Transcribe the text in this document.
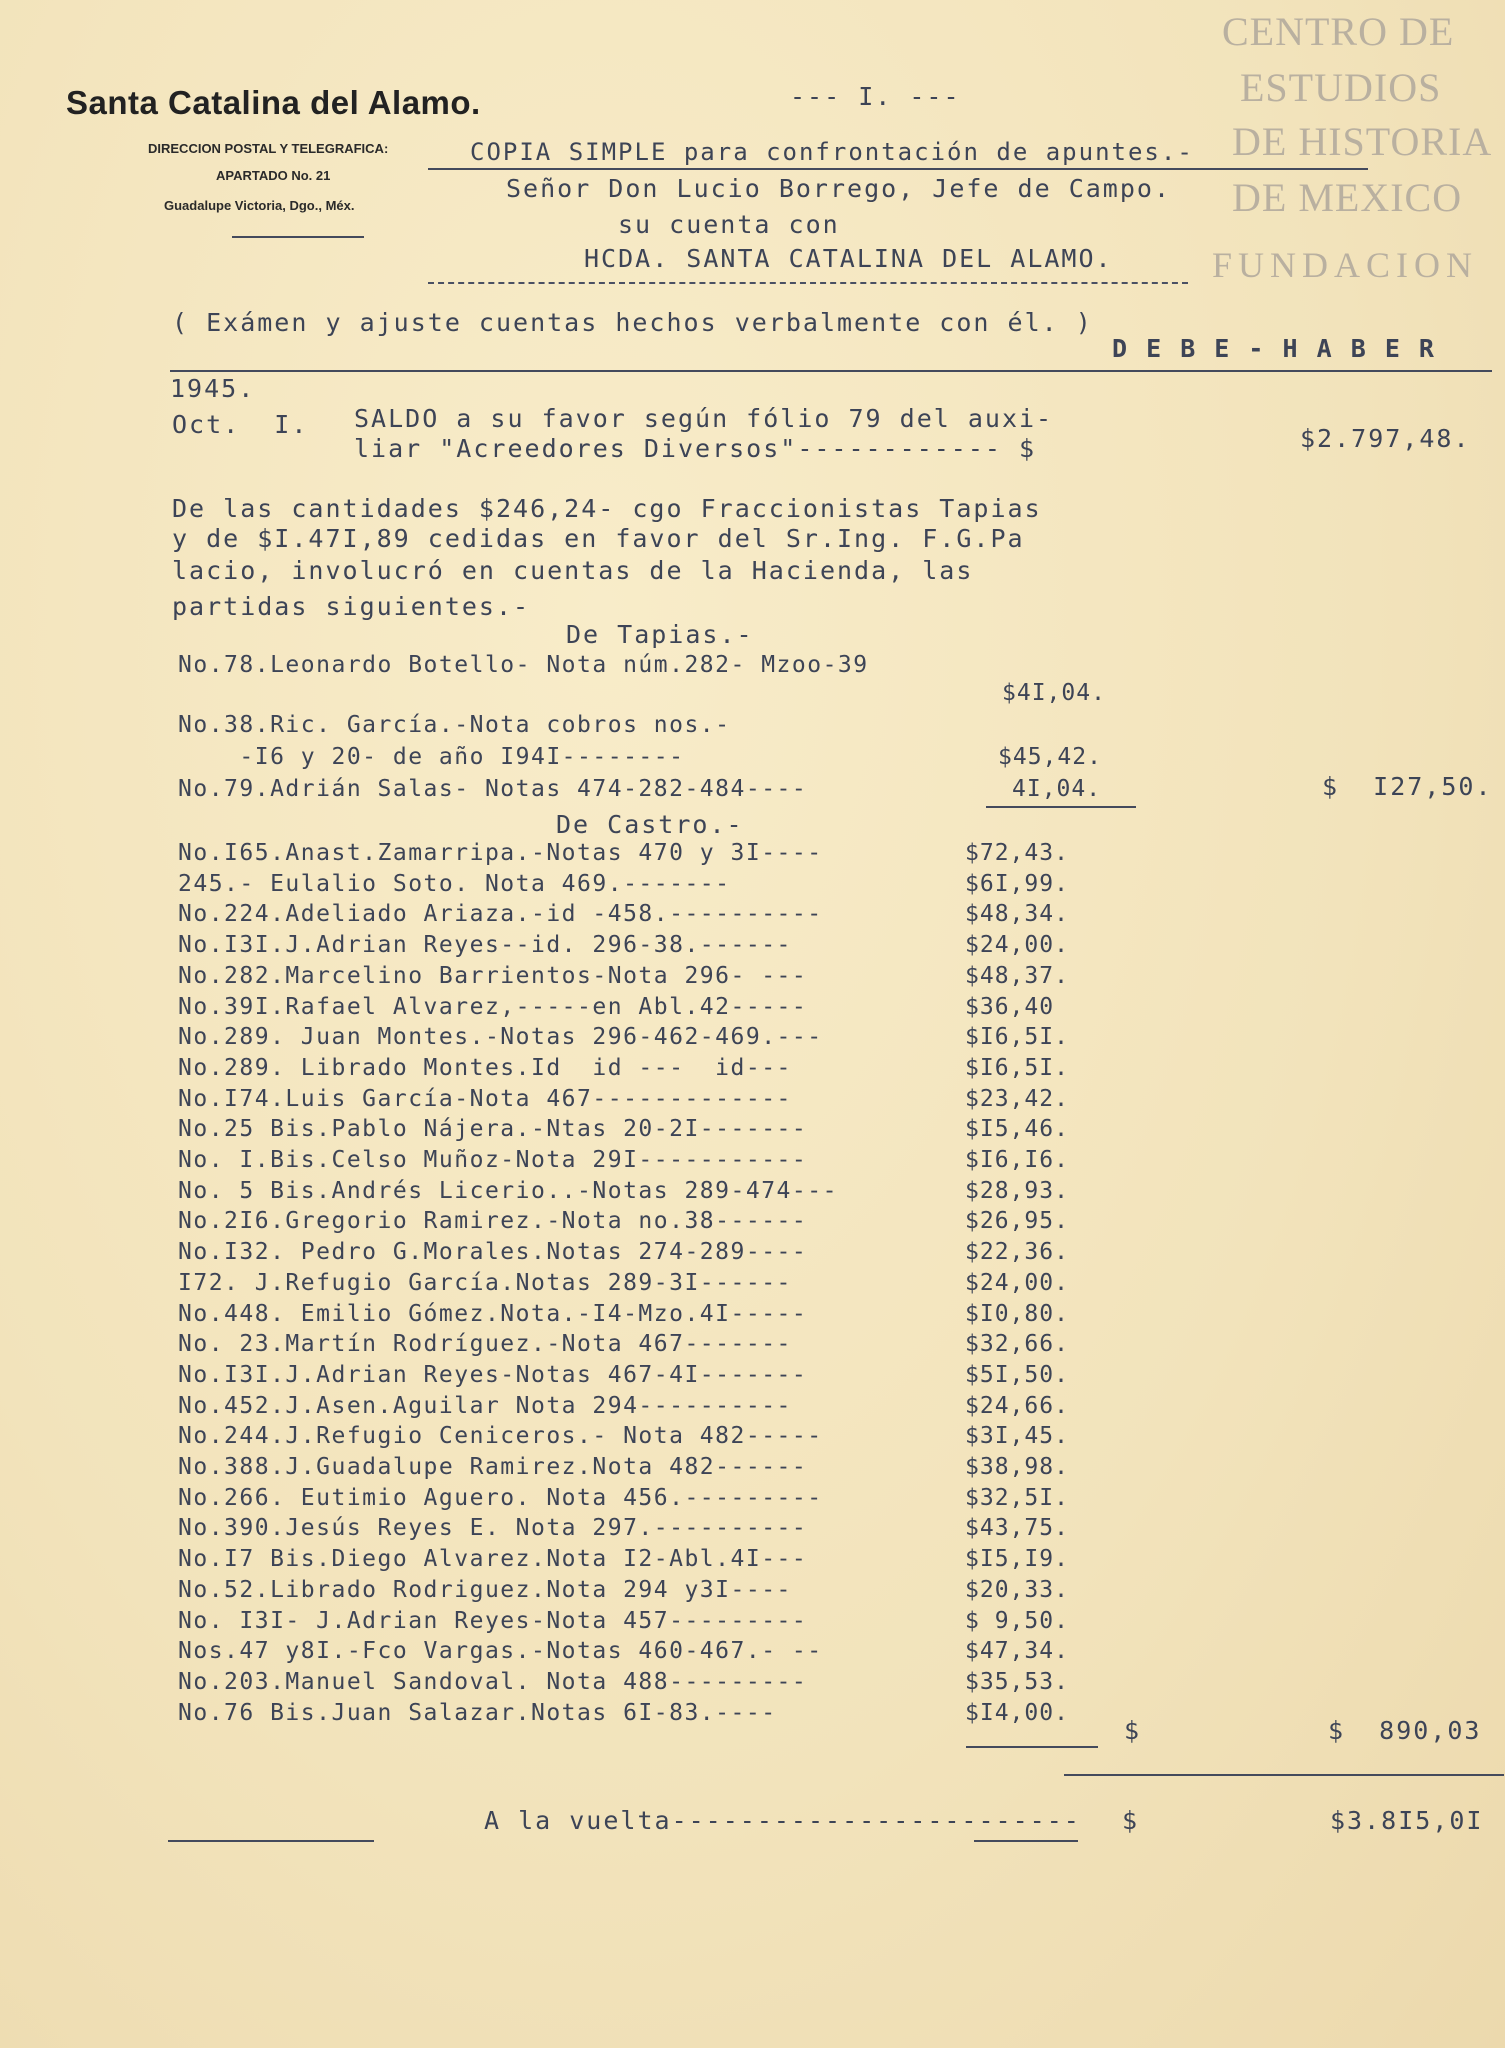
CENTRO DE
ESTUDIOS
DE HISTORIA
DE MEXICO
FUNDACION
Santa Catalina del Alamo.
DIRECCION POSTAL Y TELEGRAFICA:
APARTADO No. 21
Guadalupe Victoria, Dgo., Méx.
--- I. ---
COPIA SIMPLE para confrontación de apuntes.-
Señor Don Lucio Borrego, Jefe de Campo.
su cuenta con
HCDA. SANTA CATALINA DEL ALAMO.
( Exámen y ajuste cuentas hechos verbalmente con él. )
D E B E - H A B E R
1945.
Oct.  I. SALDO a su favor según fólio 79 del auxi-
liar "Acreedores Diversos"------------ $	$2.797,48.
De las cantidades $246,24- cgo Fraccionistas Tapias
y de $I.47I,89 cedidas en favor del Sr.Ing. F.G.Pa
lacio, involucró en cuentas de la Hacienda, las
partidas siguientes.-
De Tapias.-
No.78.Leonardo Botello- Nota núm.282- Mzoo-39
$4I,04.
No.38.Ric. García.-Nota cobros nos.-
-I6 y 20- de año I94I--------	$45,42.
No.79.Adrián Salas- Notas 474-282-484----	4I,04.	$  I27,50.
De Castro.-
No.I65.Anast.Zamarripa.-Notas 470 y 3I----	$72,43.
245.- Eulalio Soto. Nota 469.-------	$6I,99.
No.224.Adeliado Ariaza.-id -458.----------	$48,34.
No.I3I.J.Adrian Reyes--id. 296-38.------	$24,00.
No.282.Marcelino Barrientos-Nota 296- ---	$48,37.
No.39I.Rafael Alvarez,-----en Abl.42-----	$36,40
No.289. Juan Montes.-Notas 296-462-469.---	$I6,5I.
No.289. Librado Montes.Id  id ---  id---	$I6,5I.
No.I74.Luis García-Nota 467-------------	$23,42.
No.25 Bis.Pablo Nájera.-Ntas 20-2I-------	$I5,46.
No. I.Bis.Celso Muñoz-Nota 29I-----------	$I6,I6.
No. 5 Bis.Andrés Licerio..-Notas 289-474---	$28,93.
No.2I6.Gregorio Ramirez.-Nota no.38------	$26,95.
No.I32. Pedro G.Morales.Notas 274-289----	$22,36.
I72. J.Refugio García.Notas 289-3I------	$24,00.
No.448. Emilio Gómez.Nota.-I4-Mzo.4I-----	$I0,80.
No. 23.Martín Rodríguez.-Nota 467-------	$32,66.
No.I3I.J.Adrian Reyes-Notas 467-4I-------	$5I,50.
No.452.J.Asen.Aguilar Nota 294----------	$24,66.
No.244.J.Refugio Ceniceros.- Nota 482-----	$3I,45.
No.388.J.Guadalupe Ramirez.Nota 482------	$38,98.
No.266. Eutimio Aguero. Nota 456.---------	$32,5I.
No.390.Jesús Reyes E. Nota 297.----------	$43,75.
No.I7 Bis.Diego Alvarez.Nota I2-Abl.4I---	$I5,I9.
No.52.Librado Rodriguez.Nota 294 y3I----	$20,33.
No. I3I- J.Adrian Reyes-Nota 457---------	$ 9,50.
Nos.47 y8I.-Fco Vargas.-Notas 460-467.- --	$47,34.
No.203.Manuel Sandoval. Nota 488---------	$35,53.
No.76 Bis.Juan Salazar.Notas 6I-83.----	$I4,00.
$	$  890,03
A la vuelta------------------------ $	$3.8I5,0I
